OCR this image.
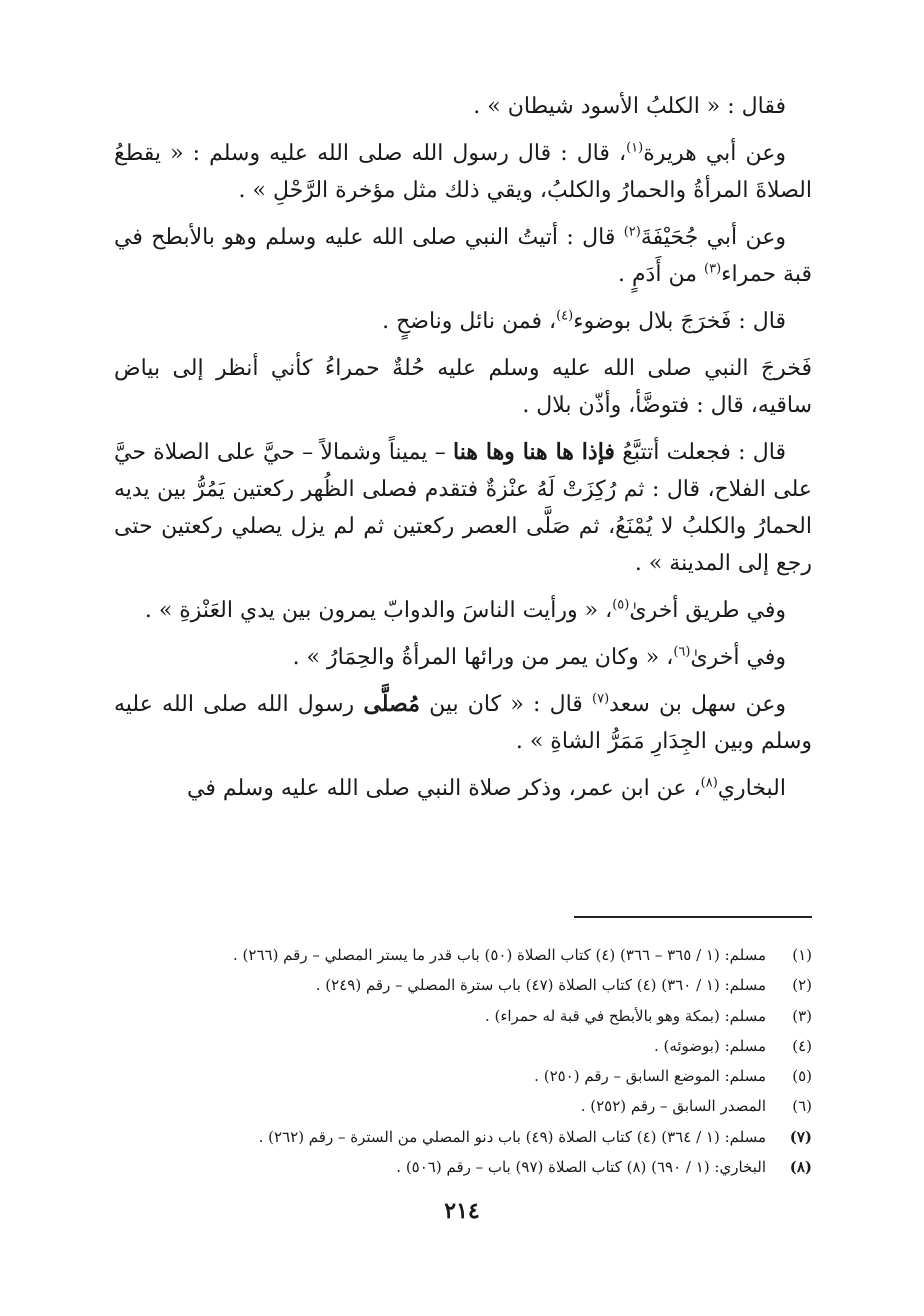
فقال : « الكلبُ الأسود شيطان » .

وعن أبي هريرة$^{(١)}$، قال : قال رسول الله صلى الله عليه وسلم : « يقطعُ الصلاةَ المرأةُ والحمارُ والكلبُ، ويقي ذلك مثل مؤخرة الرَّحْلِ » .

وعن أبي جُحَيْفَةَ$^{(٢)}$ قال : أتيتُ النبي صلى الله عليه وسلم وهو بالأبطح في قبة حمراء$^{(٣)}$ من أَدَمٍ .

قال : فَخرَجَ بلال بوضوء$^{(٤)}$، فمن نائل وناضحٍ .

فَخرجَ النبي صلى الله عليه وسلم عليه حُلةٌ حمراءُ كأني أنظر إلى بياض ساقيه، قال : فتوضَّأ، وأذّن بلال .

قال : فجعلت أتتبَّعُ فإذا ها هنا وها هنا – يميناً وشمالاً – حيَّ على الصلاة حيَّ على الفلاح، قال : ثم رُكِزَتْ لَهُ عنْزةٌ فتقدم فصلى الظُهر ركعتين يَمُرُّ بين يديه الحمارُ والكلبُ لا يُمْنَعُ، ثم صَلَّى العصر ركعتين ثم لم يزل يصلي ركعتين حتى رجع إلى المدينة » .

وفي طريق أخرىٰ$^{(٥)}$، « ورأيت الناسَ والدوابّ يمرون بين يدي العَنْزةِ » .

وفي أخرىٰ$^{(٦)}$، « وكان يمر من ورائها المرأةُ والحِمَارُ » .

وعن سهل بن سعد$^{(٧)}$ قال : « كان بين مُصلَّى رسول الله صلى الله عليه وسلم وبين الجِدَارِ مَمَرُّ الشاةِ » .

البخاري$^{(٨)}$، عن ابن عمر، وذكر صلاة النبي صلى الله عليه وسلم في

(١)
مسلم: (١ / ٣٦٥ – ٣٦٦) (٤) كتاب الصلاة (٥٠) باب قدر ما يستر المصلي – رقم (٢٦٦) .
(٢)
مسلم: (١ / ٣٦٠) (٤) كتاب الصلاة (٤٧) باب سترة المصلي – رقم (٢٤٩) .
(٣)
مسلم: (بمكة وهو بالأبطح في قبة له حمراء) .
(٤)
مسلم: (بوضوئه) .
(٥)
مسلم: الموضع السابق – رقم (٢٥٠) .
(٦)
المصدر السابق – رقم (٢٥٢) .
(٧)
مسلم: (١ / ٣٦٤) (٤) كتاب الصلاة (٤٩) باب دنو المصلي من السترة – رقم (٢٦٢) .
(٨)
البخاري: (١ / ٦٩٠) (٨) كتاب الصلاة (٩٧) باب – رقم (٥٠٦) .
٢١٤
